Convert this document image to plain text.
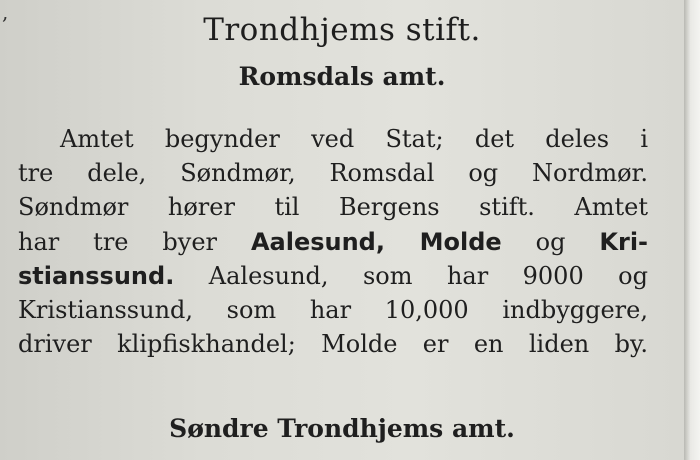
,	Trondhjems stift.
Romsdals amt.
Amtet begynder ved Stat; det deles i
tre dele, Søndmør, Romsdal og Nordmør.
Søndmør hører til Bergens stift. Amtet
har tre byer Aalesund, Molde og Kri-
stianssund. Aalesund, som har 9000 og
Kristianssund, som har 10,000 indbyggere,
driver klipfiskhandel; Molde er en liden by.
Søndre Trondhjems amt.
